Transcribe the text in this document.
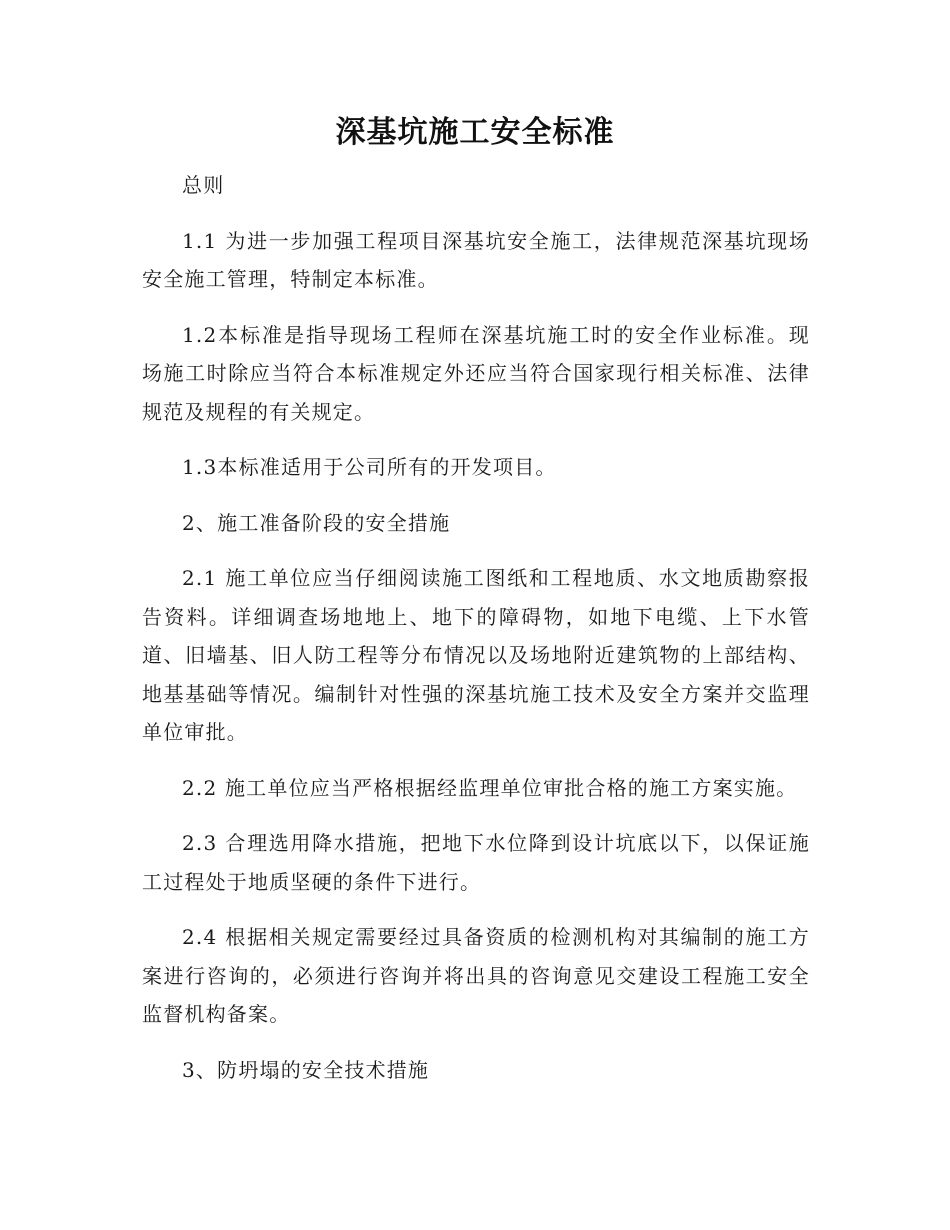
深基坑施工安全标准

总则

1.1 为进一步加强工程项目深基坑安全施工，法律规范深基坑现场安全施工管理，特制定本标准。

1.2本标准是指导现场工程师在深基坑施工时的安全作业标准。现场施工时除应当符合本标准规定外还应当符合国家现行相关标准、法律规范及规程的有关规定。

1.3本标准适用于公司所有的开发项目。

2、施工准备阶段的安全措施

2.1 施工单位应当仔细阅读施工图纸和工程地质、水文地质勘察报告资料。详细调查场地地上、地下的障碍物，如地下电缆、上下水管道、旧墙基、旧人防工程等分布情况以及场地附近建筑物的上部结构、地基基础等情况。编制针对性强的深基坑施工技术及安全方案并交监理单位审批。

2.2 施工单位应当严格根据经监理单位审批合格的施工方案实施。

2.3 合理选用降水措施，把地下水位降到设计坑底以下，以保证施工过程处于地质坚硬的条件下进行。

2.4 根据相关规定需要经过具备资质的检测机构对其编制的施工方案进行咨询的，必须进行咨询并将出具的咨询意见交建设工程施工安全监督机构备案。

3、防坍塌的安全技术措施
